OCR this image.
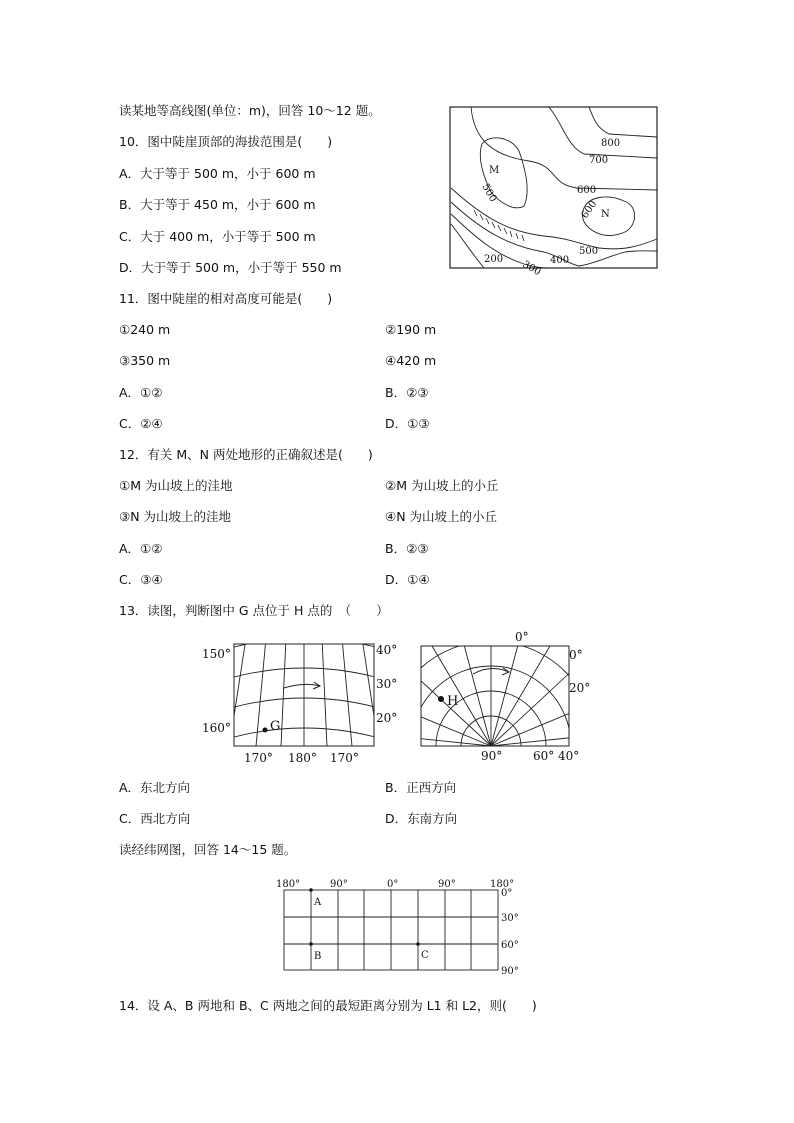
读某地等高线图(单位：m)，回答 10～12 题。
10．图中陡崖顶部的海拔范围是(　　)
A．大于等于 500 m，小于 600 m
B．大于等于 450 m，小于 600 m
C．大于 400 m，小于等于 500 m
D．大于等于 500 m，小于等于 550 m
11．图中陡崖的相对高度可能是(　　)
①240 m	②190 m
③350 m	④420 m
A．①②	B．②③
C．②④	D．①③
12．有关 M、N 两处地形的正确叙述是(　　)
①M 为山坡上的洼地	②M 为山坡上的小丘
③N 为山坡上的洼地	④N 为山坡上的小丘
A．①②	B．②③
C．③④	D．①④
13．读图，判断图中 G 点位于 H 点的　（　　）
A．东北方向	B．正西方向
C．西北方向	D．东南方向
读经纬网图，回答 14～15 题。
14．设 A、B 两地和 B、C 两地之间的最短距离分别为 L1 和 L2，则(　　)
800
700
600
500
400
300
200
500
600
M
N
G
150°
160°
40°
30°
20°
170° 180° 170°
H
0°
0°
20°
90°	60° 40°
A
B	C
180°	90°	0°	90°	180°
0°
30°
60°
90°
